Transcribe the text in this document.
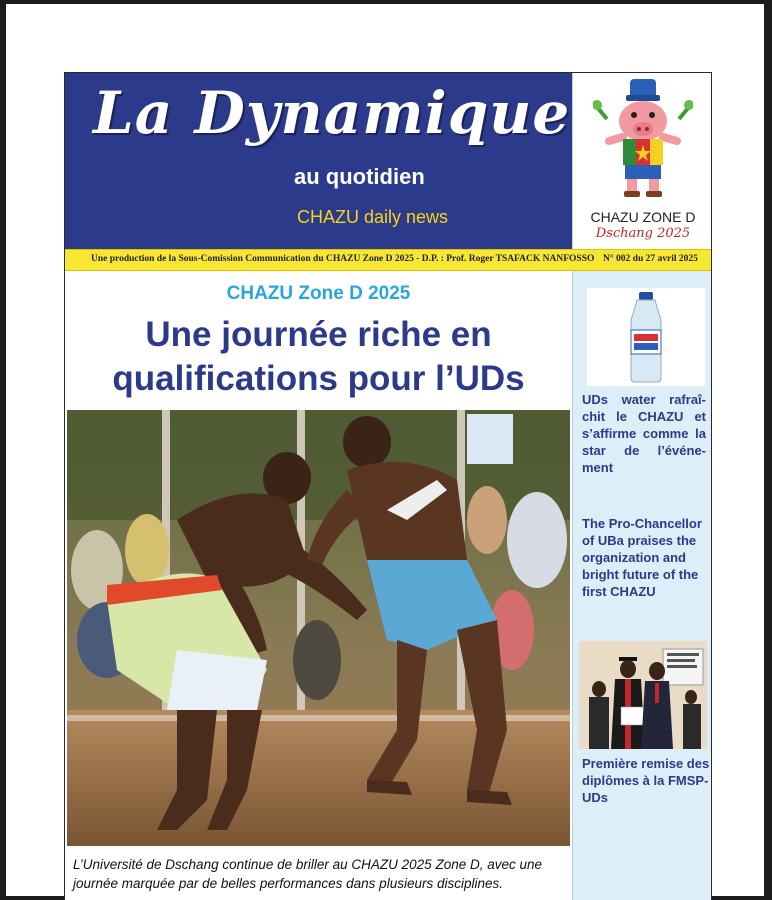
La Dynamique
au quotidien
CHAZU daily news	CHAZU ZONE D
Dschang 2025
Une production de la Sous-Comission Communication du CHAZU Zone D 2025 - D.P. : Prof. Roger TSAFACK NANFOSSO N° 002 du 27 avril 2025
CHAZU Zone D 2025
Une journée riche en qualifications pour l’UDs
L’Université de Dschang continue de briller au CHAZU 2025 Zone D, avec une journée marquée par de belles performances dans plusieurs disciplines.
UDs water rafraî-chit le CHAZU et s’affirme comme la star de l’événe-ment
The Pro-Chancellor of UBa praises the organization and bright future of the first CHAZU
Première remise des diplômes à la FMSP-UDs
